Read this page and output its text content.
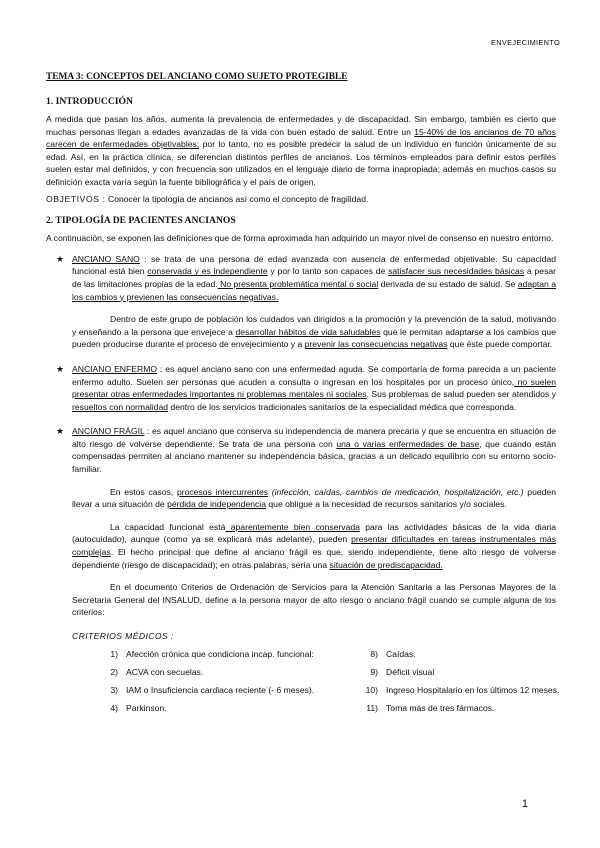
ENVEJECIMIENTO
TEMA 3: CONCEPTOS DEL ANCIANO COMO SUJETO PROTEGIBLE
1. INTRODUCCIÓN

A medida que pasan los años, aumenta la prevalencia de enfermedades y de discapacidad. Sin embargo, también es cierto que muchas personas llegan a edades avanzadas de la vida con buen estado de salud. Entre un 15-40% de los ancianos de 70 años carecen de enfermedades objetivables; por lo tanto, no es posible predecir la salud de un individuo en función únicamente de su edad. Así, en la práctica clínica, se diferencian distintos perfiles de ancianos. Los términos empleados para definir estos perfiles suelen estar mal definidos, y con frecuencia son utilizados en el lenguaje diario de forma inapropiada; además en muchos casos su definición exacta varía según la fuente bibliográfica y el país de origen.

OBJETIVOS : Conocer la tipología de ancianos así como el concepto de fragilidad.

2. TIPOLOGÍA DE PACIENTES ANCIANOS

A continuación, se exponen las definiciones que de forma aproximada han adquirido un mayor nivel de consenso en nuestro entorno.

★ ANCIANO SANO : se trata de una persona de edad avanzada con ausencia de enfermedad objetivable. Su capacidad funcional está bien conservada y es independiente y por lo tanto son capaces de satisfacer sus necesidades básicas a pesar de las limitaciones propias de la edad. No presenta problemática mental o social derivada de su estado de salud. Se adaptan a los cambios y previenen las consecuencias negativas.

Dentro de este grupo de población los cuidados van dirigidos a la promoción y la prevención de la salud, motivando y enseñando a la persona que envejece a desarrollar hábitos de vida saludables que le permitan adaptarse a los cambios que pueden producirse durante el proceso de envejecimiento y a prevenir las consecuencias negativas que éste puede comportar.

★ ANCIANO ENFERMO : es aquel anciano sano con una enfermedad aguda. Se comportaría de forma parecida a un paciente enfermo adulto. Suelen ser personas que acuden a consulta o ingresan en los hospitales por un proceso único, no suelen presentar otras enfermedades importantes ni problemas mentales ni sociales. Sus problemas de salud pueden ser atendidos y resueltos con normalidad dentro de los servicios tradicionales sanitarios de la especialidad médica que corresponda.

★ ANCIANO FRÁGIL : es aquel anciano que conserva su independencia de manera precaria y que se encuentra en situación de alto riesgo de volverse dependiente. Se trata de una persona con una o varias enfermedades de base, que cuando están compensadas permiten al anciano mantener su independencia básica, gracias a un delicado equilibrio con su entorno socio-familiar.

En estos casos, procesos intercurrentes (infección, caídas, cambios de medicación, hospitalización, etc.) pueden llevar a una situación de pérdida de independencia que obligue a la necesidad de recursos sanitarios y/o sociales.

La capacidad funcional está aparentemente bien conservada para las actividades básicas de la vida diaria (autocuidado), aunque (como ya se explicará más adelante), pueden presentar dificultades en tareas instrumentales más complejas. El hecho principal que define al anciano frágil es que, siendo independiente, tiene alto riesgo de volverse dependiente (riesgo de discapacidad); en otras palabras, sería una situación de prediscapacidad.

En el documento Criterios de Ordenación de Servicios para la Atención Sanitaria a las Personas Mayores de la Secretaria General del INSALUD, define a la persona mayor de alto riesgo o anciano frágil cuando se cumple alguna de los criterios:

CRITERIOS MÉDICOS :
1) Afección crónica que condiciona incap. funcional:	8) Caídas.
2) ACVA con secuelas.	9) Déficit visual
3) IAM o Insuficiencia cardiaca reciente (- 6 meses).	10) Ingreso Hospitalario en los últimos 12 meses.
4) Parkinson.	11) Toma más de tres fármacos.
1
